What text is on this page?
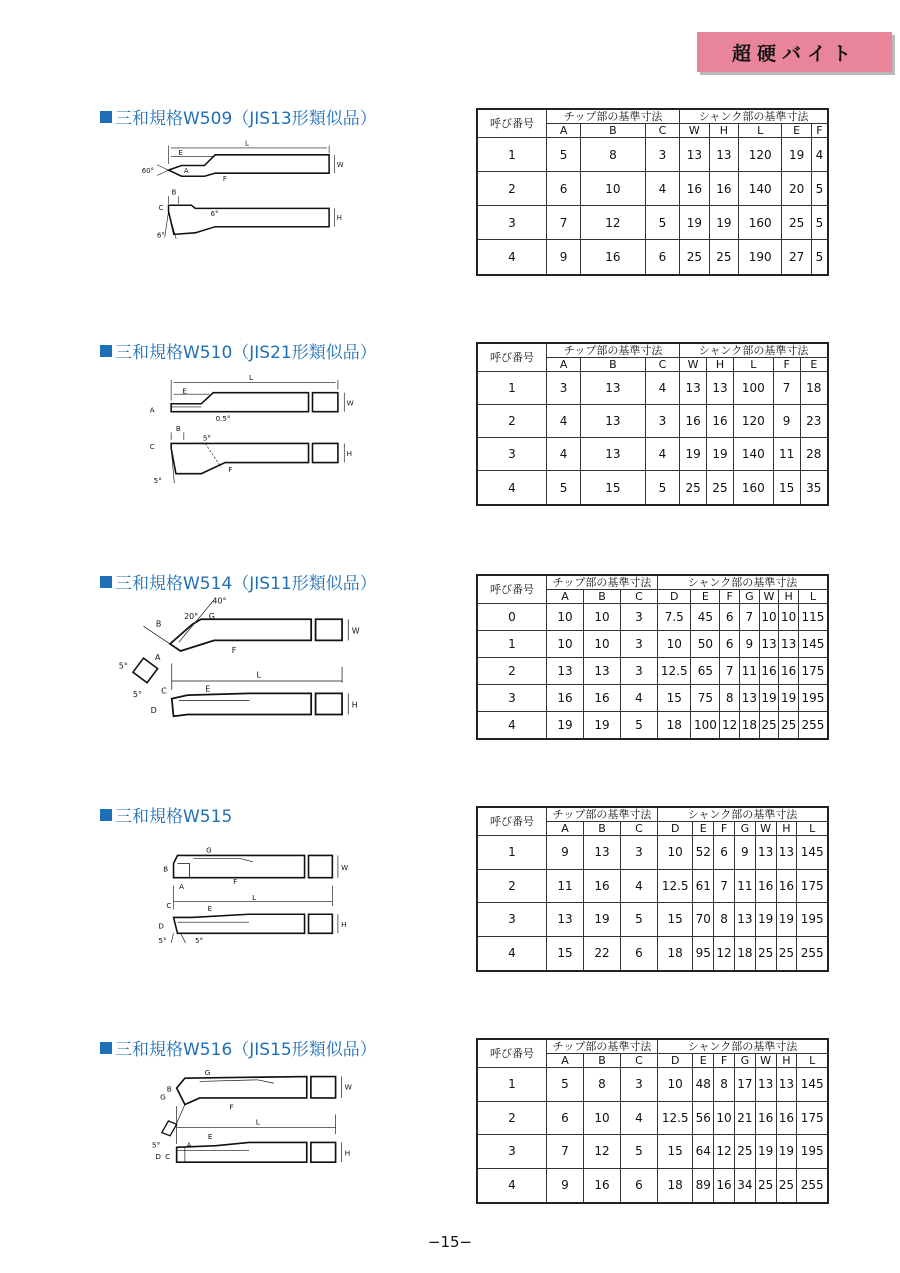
超硬バイト
三和規格W509（JIS13形類似品）
L
E
A
F
W
60°
B
C
6°	H
6°
呼び番号	チップ部の基準寸法			シャンク部の基準寸法				
	A	B	C	W	H	L	E	F
1	5	8	3	13	13	120	19	4
2	6	10	4	16	16	140	20	5
3	7	12	5	19	19	160	25	5
4	9	16	6	25	25	190	27	5
三和規格W510（JIS21形類似品）
L
E
A
0.5°
W
B
C
5°
H
F
5°
呼び番号	チップ部の基準寸法			シャンク部の基準寸法				
	A	B	C	W	H	L	F	E
1	3	13	4	13	13	100	7	18
2	4	13	3	16	16	120	9	23
3	4	13	4	19	19	140	11	28
4	5	15	5	25	25	160	15	35
三和規格W514（JIS11形類似品）
40°
20° G
B
A
F
W
5°
5°
L
E
C
D
H
呼び番号	チップ部の基準寸法			シャンク部の基準寸法						
	A	B	C	D	E	F	G	W	H	L
0	10	10	3	7.5	45	6	7	10	10	115
1	10	10	3	10	50	6	9	13	13	145
2	13	13	3	12.5	65	7	11	16	16	175
3	16	16	4	15	75	8	13	19	19	195
4	19	19	5	18	100	12	18	25	25	255
三和規格W515
G
B
F
A
W
L
C	E
D	H
5°	5°
呼び番号	チップ部の基準寸法			シャンク部の基準寸法						
	A	B	C	D	E	F	G	W	H	L
1	9	13	3	10	52	6	9	13	13	145
2	11	16	4	12.5	61	7	11	16	16	175
3	13	19	5	15	70	8	13	19	19	195
4	15	22	6	18	95	12	18	25	25	255
三和規格W516（JIS15形類似品）
G
B
G
F
W
L
E
5°	A
D C	H
呼び番号	チップ部の基準寸法			シャンク部の基準寸法						
	A	B	C	D	E	F	G	W	H	L
1	5	8	3	10	48	8	17	13	13	145
2	6	10	4	12.5	56	10	21	16	16	175
3	7	12	5	15	64	12	25	19	19	195
4	9	16	6	18	89	16	34	25	25	255
−15−
